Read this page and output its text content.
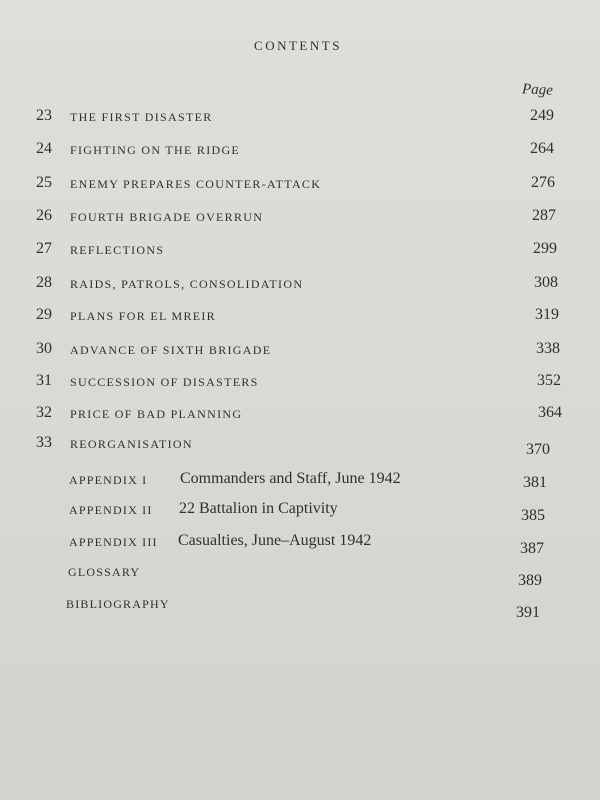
CONTENTS
Page
23 THE FIRST DISASTER	249
24 FIGHTING ON THE RIDGE	264
25 ENEMY PREPARES COUNTER-ATTACK	276
26 FOURTH BRIGADE OVERRUN	287
27 REFLECTIONS	299
28 RAIDS, PATROLS, CONSOLIDATION	308
29 PLANS FOR EL MREIR	319
30 ADVANCE OF SIXTH BRIGADE	338
31 SUCCESSION OF DISASTERS	352
32 PRICE OF BAD PLANNING	364
33 REORGANISATION	370
APPENDIX I Commanders and Staff, June 1942	381
APPENDIX II 22 Battalion in Captivity	385
APPENDIX III Casualties, June–August 1942	387
GLOSSARY	389
BIBLIOGRAPHY	391
